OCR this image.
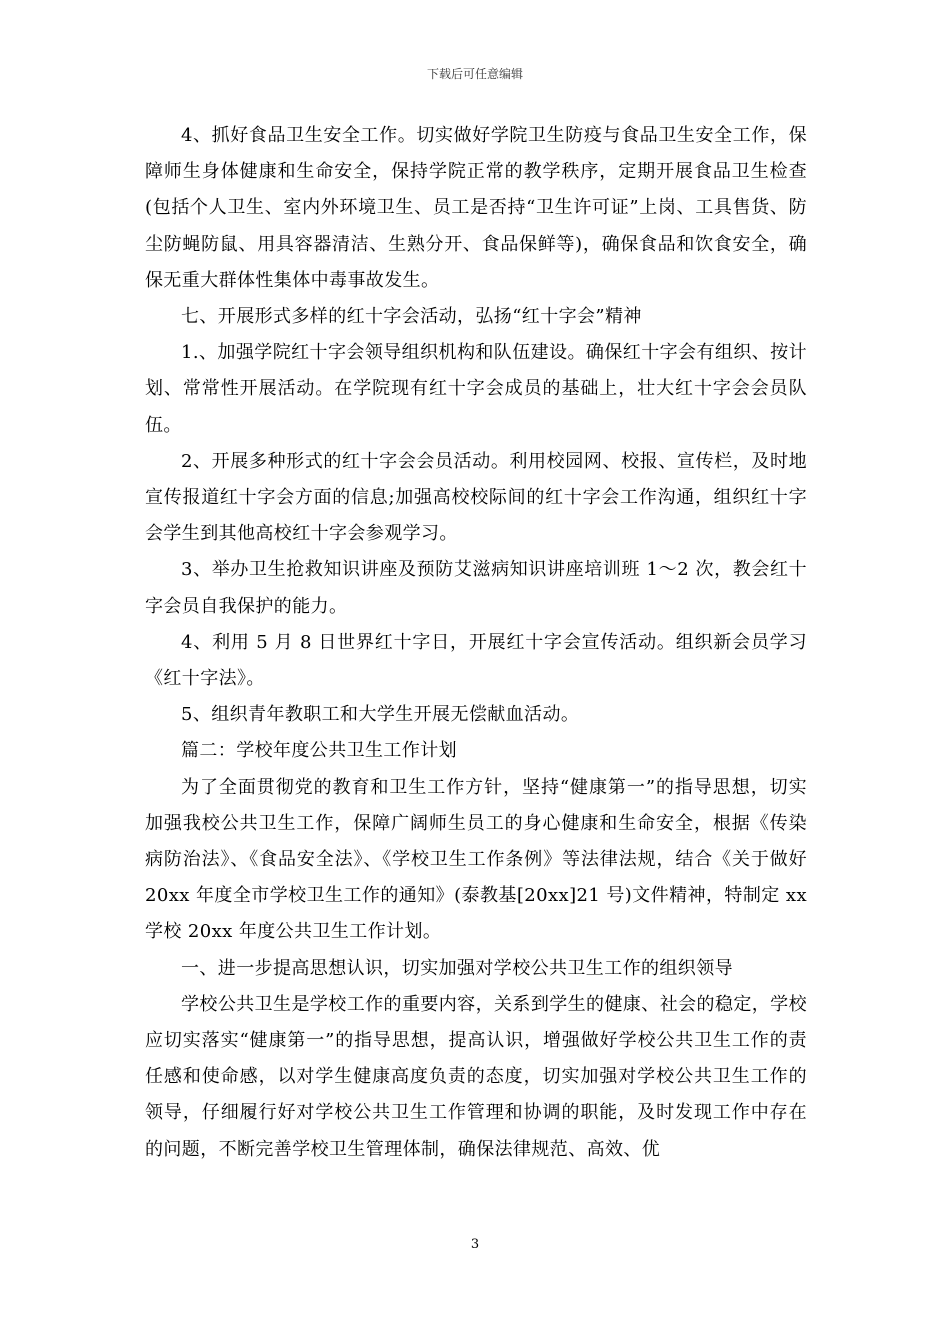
下载后可任意编辑

4、抓好食品卫生安全工作。切实做好学院卫生防疫与食品卫生安全工作，保障师生身体健康和生命安全，保持学院正常的教学秩序，定期开展食品卫生检查(包括个人卫生、室内外环境卫生、员工是否持“卫生许可证”上岗、工具售货、防尘防蝇防鼠、用具容器清洁、生熟分开、食品保鲜等)，确保食品和饮食安全，确保无重大群体性集体中毒事故发生。

七、开展形式多样的红十字会活动，弘扬“红十字会”精神

1.、加强学院红十字会领导组织机构和队伍建设。确保红十字会有组织、按计划、常常性开展活动。在学院现有红十字会成员的基础上，壮大红十字会会员队伍。

2、开展多种形式的红十字会会员活动。利用校园网、校报、宣传栏，及时地宣传报道红十字会方面的信息;加强高校校际间的红十字会工作沟通，组织红十字会学生到其他高校红十字会参观学习。

3、举办卫生抢救知识讲座及预防艾滋病知识讲座培训班 1～2 次，教会红十字会员自我保护的能力。

4、利用 5 月 8 日世界红十字日，开展红十字会宣传活动。组织新会员学习《红十字法》。

5、组织青年教职工和大学生开展无偿献血活动。

篇二：学校年度公共卫生工作计划

为了全面贯彻党的教育和卫生工作方针，坚持“健康第一”的指导思想，切实加强我校公共卫生工作，保障广阔师生员工的身心健康和生命安全，根据《传染病防治法》、《食品安全法》、《学校卫生工作条例》等法律法规，结合《关于做好 20xx 年度全市学校卫生工作的通知》(泰教基[20xx]21 号)文件精神，特制定 xx 学校 20xx 年度公共卫生工作计划。

一、进一步提高思想认识，切实加强对学校公共卫生工作的组织领导

学校公共卫生是学校工作的重要内容，关系到学生的健康、社会的稳定，学校应切实落实“健康第一”的指导思想，提高认识，增强做好学校公共卫生工作的责任感和使命感，以对学生健康高度负责的态度，切实加强对学校公共卫生工作的领导，仔细履行好对学校公共卫生工作管理和协调的职能，及时发现工作中存在的问题，不断完善学校卫生管理体制，确保法律规范、高效、优

3
